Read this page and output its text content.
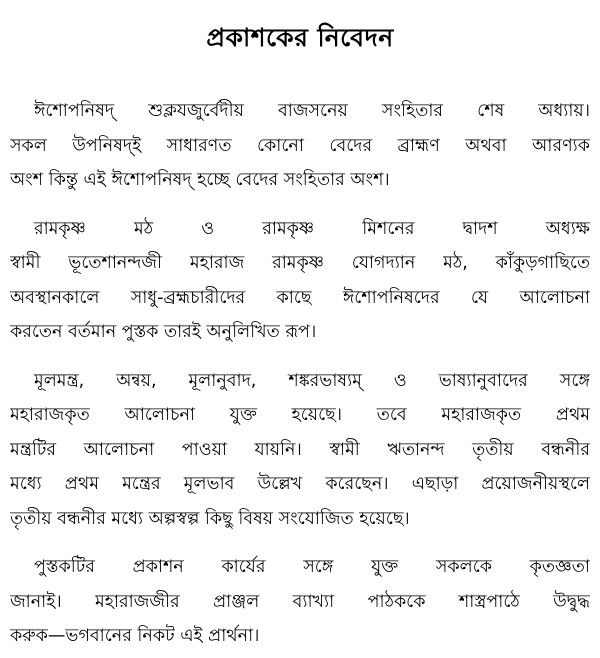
প্রকাশকের নিবেদন
ঈশোপনিষদ্ শুক্লযজুর্বেদীয় বাজসনেয় সংহিতার শেষ অধ্যায়।
সকল উপনিষদ্ই সাধারণত কোনো বেদের ব্রাহ্মণ অথবা আরণ্যক
অংশ কিন্তু এই ঈশোপনিষদ্ হচ্ছে বেদের সংহিতার অংশ।
রামকৃষ্ণ মঠ ও রামকৃষ্ণ মিশনের দ্বাদশ অধ্যক্ষ
স্বামী ভূতেশানন্দজী মহারাজ রামকৃষ্ণ যোগদ্যান মঠ, কাঁকুড়গাছিতে
অবস্থানকালে সাধু-ব্রহ্মচারীদের কাছে ঈশোপনিষদের যে আলোচনা
করতেন বর্তমান পুস্তক তারই অনুলিখিত রূপ।
মূলমন্ত্র, অন্বয়, মূলানুবাদ, শঙ্করভাষ্যম্ ও ভাষ্যানুবাদের সঙ্গে
মহারাজকৃত আলোচনা যুক্ত হয়েছে। তবে মহারাজকৃত প্রথম
মন্ত্রটির আলোচনা পাওয়া যায়নি। স্বামী ঋতানন্দ তৃতীয় বন্ধনীর
মধ্যে প্রথম মন্ত্রের মূলভাব উল্লেখ করেছেন। এছাড়া প্রয়োজনীয়স্থলে
তৃতীয় বন্ধনীর মধ্যে অল্পস্বল্প কিছু বিষয় সংযোজিত হয়েছে।
পুস্তকটির প্রকাশন কার্যের সঙ্গে যুক্ত সকলকে কৃতজ্ঞতা
জানাই। মহারাজজীর প্রাঞ্জল ব্যাখ্যা পাঠককে শাস্ত্রপাঠে উদ্বুদ্ধ
করুক—ভগবানের নিকট এই প্রার্থনা।
